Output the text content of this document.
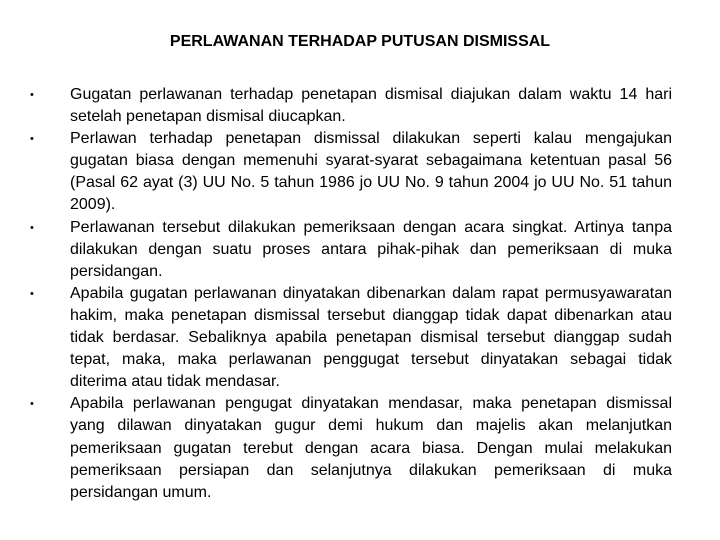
PERLAWANAN TERHADAP PUTUSAN DISMISSAL
• Gugatan perlawanan terhadap penetapan dismisal diajukan dalam waktu 14 hari setelah penetapan dismisal diucapkan.
• Perlawan terhadap penetapan dismissal dilakukan seperti kalau mengajukan gugatan biasa dengan memenuhi syarat-syarat sebagaimana ketentuan pasal 56 (Pasal 62 ayat (3) UU No. 5 tahun 1986 jo UU No. 9 tahun 2004 jo UU No. 51 tahun 2009).
• Perlawanan tersebut dilakukan pemeriksaan dengan acara singkat. Artinya tanpa dilakukan dengan suatu proses antara pihak-pihak dan pemeriksaan di muka persidangan.
• Apabila gugatan perlawanan dinyatakan dibenarkan dalam rapat permusyawaratan hakim, maka penetapan dismissal tersebut dianggap tidak dapat dibenarkan atau tidak berdasar. Sebaliknya apabila penetapan dismisal tersebut dianggap sudah tepat, maka, maka perlawanan penggugat tersebut dinyatakan sebagai tidak diterima atau tidak mendasar.
• Apabila perlawanan pengugat dinyatakan mendasar, maka penetapan dismissal yang dilawan dinyatakan gugur demi hukum dan majelis akan melanjutkan pemeriksaan gugatan terebut dengan acara biasa. Dengan mulai melakukan pemeriksaan persiapan dan selanjutnya dilakukan pemeriksaan di muka persidangan umum.
